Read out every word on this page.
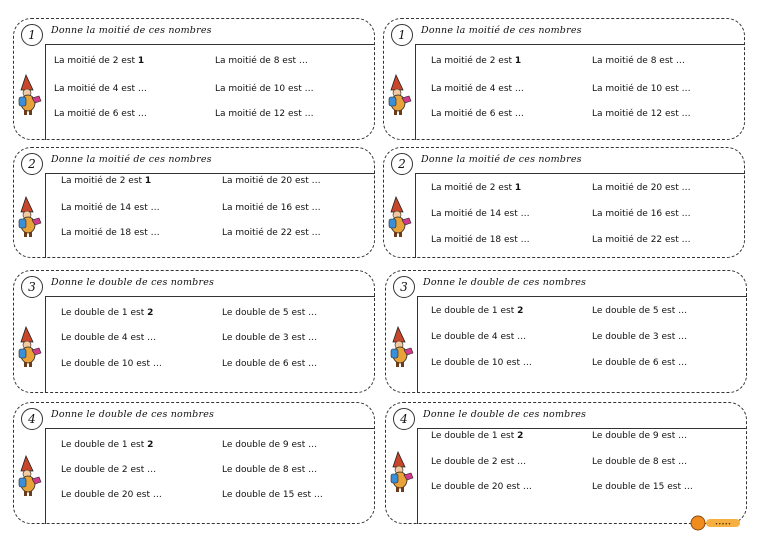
1	Donne la moitié de ces nombres
La moitié de 2 est 1	La moitié de 8 est …
La moitié de 4 est …	La moitié de 10 est …
La moitié de 6 est …	La moitié de 12 est …
1	Donne la moitié de ces nombres
La moitié de 2 est 1	La moitié de 8 est …
La moitié de 4 est …	La moitié de 10 est …
La moitié de 6 est …	La moitié de 12 est …
2	Donne la moitié de ces nombres
La moitié de 2 est 1	La moitié de 20 est …
La moitié de 14 est …	La moitié de 16 est …
La moitié de 18 est …	La moitié de 22 est …
2	Donne la moitié de ces nombres
La moitié de 2 est 1	La moitié de 20 est …
La moitié de 14 est …	La moitié de 16 est …
La moitié de 18 est …	La moitié de 22 est …
3	Donne le double de ces nombres
Le double de 1 est 2	Le double de 5 est …
Le double de 4 est …	Le double de 3 est …
Le double de 10 est …	Le double de 6 est …
3	Donne le double de ces nombres
Le double de 1 est 2	Le double de 5 est …
Le double de 4 est …	Le double de 3 est …
Le double de 10 est …	Le double de 6 est …
4	Donne le double de ces nombres
Le double de 1 est 2	Le double de 9 est …
Le double de 2 est …	Le double de 8 est …
Le double de 20 est …	Le double de 15 est …
4	Donne le double de ces nombres
Le double de 1 est 2	Le double de 9 est …
Le double de 2 est …	Le double de 8 est …
Le double de 20 est …	Le double de 15 est …
•••••
